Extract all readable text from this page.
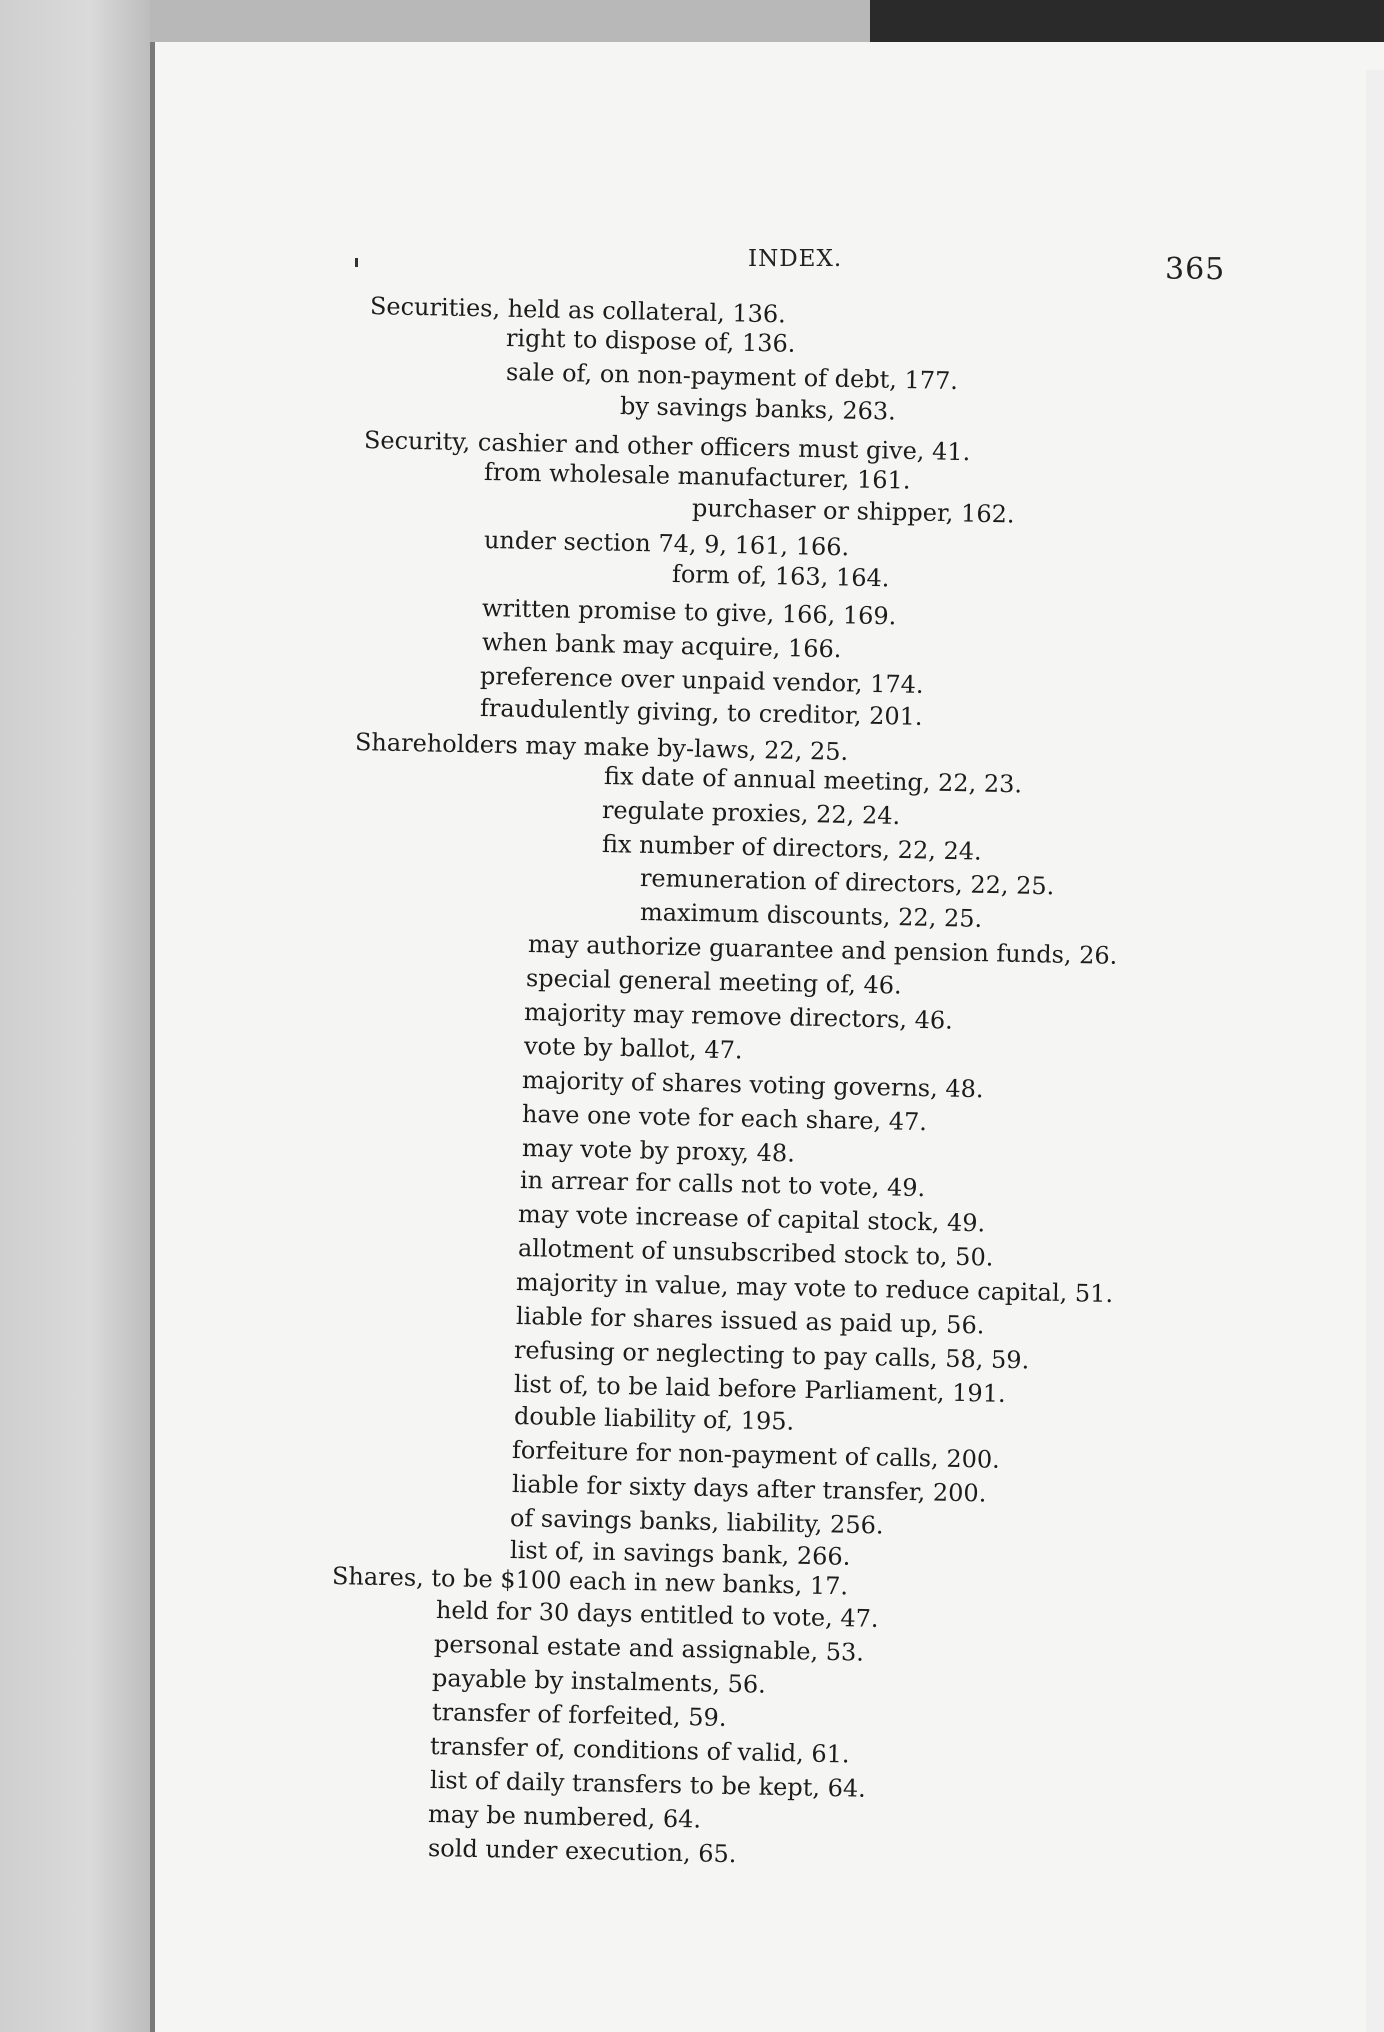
INDEX.	365
Securities, held as collateral, 136.
right to dispose of, 136.
sale of, on non-payment of debt, 177.
by savings banks, 263.
Security, cashier and other officers must give, 41.
from wholesale manufacturer, 161.
purchaser or shipper, 162.
under section 74, 9, 161, 166.
form of, 163, 164.
written promise to give, 166, 169.
when bank may acquire, 166.
preference over unpaid vendor, 174.
fraudulently giving, to creditor, 201.
Shareholders may make by-laws, 22, 25.
fix date of annual meeting, 22, 23.
regulate proxies, 22, 24.
fix number of directors, 22, 24.
remuneration of directors, 22, 25.
maximum discounts, 22, 25.
may authorize guarantee and pension funds, 26.
special general meeting of, 46.
majority may remove directors, 46.
vote by ballot, 47.
majority of shares voting governs, 48.
have one vote for each share, 47.
may vote by proxy, 48.
in arrear for calls not to vote, 49.
may vote increase of capital stock, 49.
allotment of unsubscribed stock to, 50.
majority in value, may vote to reduce capital, 51.
liable for shares issued as paid up, 56.
refusing or neglecting to pay calls, 58, 59.
list of, to be laid before Parliament, 191.
double liability of, 195.
forfeiture for non-payment of calls, 200.
liable for sixty days after transfer, 200.
of savings banks, liability, 256.
list of, in savings bank, 266.
Shares, to be $100 each in new banks, 17.
held for 30 days entitled to vote, 47.
personal estate and assignable, 53.
payable by instalments, 56.
transfer of forfeited, 59.
transfer of, conditions of valid, 61.
list of daily transfers to be kept, 64.
may be numbered, 64.
sold under execution, 65.
